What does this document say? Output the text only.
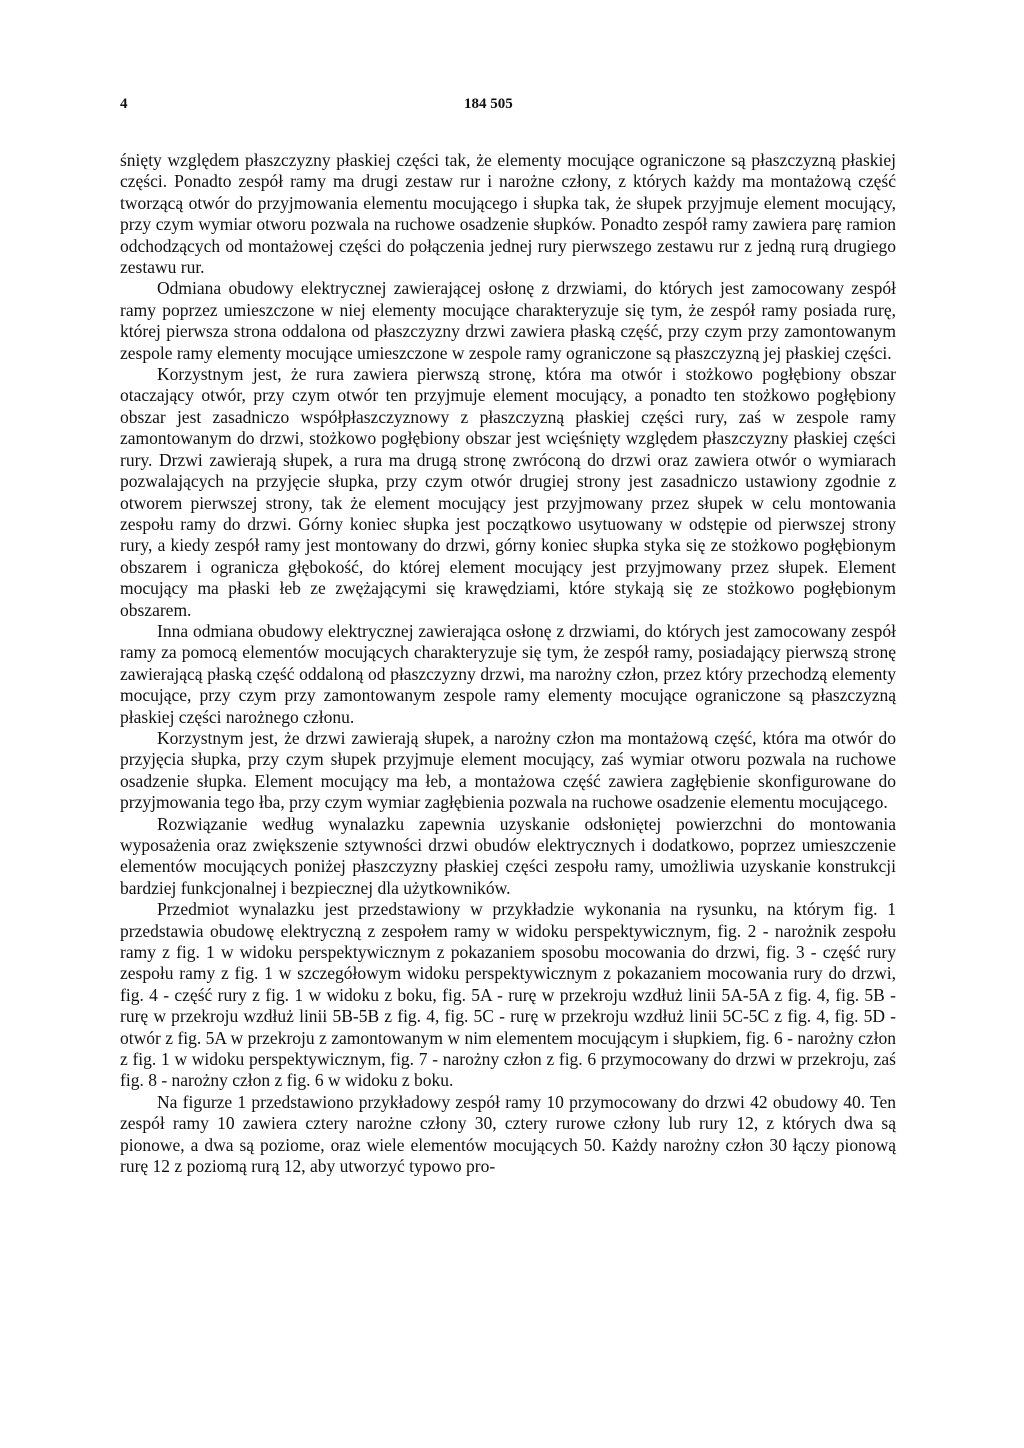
4	184 505

śnięty względem płaszczyzny płaskiej części tak, że elementy mocujące ograniczone są płaszczyzną płaskiej części. Ponadto zespół ramy ma drugi zestaw rur i narożne człony, z których każdy ma montażową część tworzącą otwór do przyjmowania elementu mocującego i słupka tak, że słupek przyjmuje element mocujący, przy czym wymiar otworu pozwala na ruchowe osadzenie słupków. Ponadto zespół ramy zawiera parę ramion odchodzących od montażowej części do połączenia jednej rury pierwszego zestawu rur z jedną rurą drugiego zestawu rur.

Odmiana obudowy elektrycznej zawierającej osłonę z drzwiami, do których jest zamocowany zespół ramy poprzez umieszczone w niej elementy mocujące charakteryzuje się tym, że zespół ramy posiada rurę, której pierwsza strona oddalona od płaszczyzny drzwi zawiera płaską część, przy czym przy zamontowanym zespole ramy elementy mocujące umieszczone w zespole ramy ograniczone są płaszczyzną jej płaskiej części.

Korzystnym jest, że rura zawiera pierwszą stronę, która ma otwór i stożkowo pogłębiony obszar otaczający otwór, przy czym otwór ten przyjmuje element mocujący, a ponadto ten stożkowo pogłębiony obszar jest zasadniczo współpłaszczyznowy z płaszczyzną płaskiej części rury, zaś w zespole ramy zamontowanym do drzwi, stożkowo pogłębiony obszar jest wcięśnięty względem płaszczyzny płaskiej części rury. Drzwi zawierają słupek, a rura ma drugą stronę zwróconą do drzwi oraz zawiera otwór o wymiarach pozwalających na przyjęcie słupka, przy czym otwór drugiej strony jest zasadniczo ustawiony zgodnie z otworem pierwszej strony, tak że element mocujący jest przyjmowany przez słupek w celu montowania zespołu ramy do drzwi. Górny koniec słupka jest początkowo usytuowany w odstępie od pierwszej strony rury, a kiedy zespół ramy jest montowany do drzwi, górny koniec słupka styka się ze stożkowo pogłębionym obszarem i ogranicza głębokość, do której element mocujący jest przyjmowany przez słupek. Element mocujący ma płaski łeb ze zwężającymi się krawędziami, które stykają się ze stożkowo pogłębionym obszarem.

Inna odmiana obudowy elektrycznej zawierająca osłonę z drzwiami, do których jest zamocowany zespół ramy za pomocą elementów mocujących charakteryzuje się tym, że zespół ramy, posiadający pierwszą stronę zawierającą płaską część oddaloną od płaszczyzny drzwi, ma narożny człon, przez który przechodzą elementy mocujące, przy czym przy zamontowanym zespole ramy elementy mocujące ograniczone są płaszczyzną płaskiej części narożnego członu.

Korzystnym jest, że drzwi zawierają słupek, a narożny człon ma montażową część, która ma otwór do przyjęcia słupka, przy czym słupek przyjmuje element mocujący, zaś wymiar otworu pozwala na ruchowe osadzenie słupka. Element mocujący ma łeb, a montażowa część zawiera zagłębienie skonfigurowane do przyjmowania tego łba, przy czym wymiar zagłębienia pozwala na ruchowe osadzenie elementu mocującego.

Rozwiązanie według wynalazku zapewnia uzyskanie odsłoniętej powierzchni do montowania wyposażenia oraz zwiększenie sztywności drzwi obudów elektrycznych i dodatkowo, poprzez umieszczenie elementów mocujących poniżej płaszczyzny płaskiej części zespołu ramy, umożliwia uzyskanie konstrukcji bardziej funkcjonalnej i bezpiecznej dla użytkowników.

Przedmiot wynalazku jest przedstawiony w przykładzie wykonania na rysunku, na którym fig. 1 przedstawia obudowę elektryczną z zespołem ramy w widoku perspektywicznym, fig. 2 - narożnik zespołu ramy z fig. 1 w widoku perspektywicznym z pokazaniem sposobu mocowania do drzwi, fig. 3 - część rury zespołu ramy z fig. 1 w szczegółowym widoku perspektywicznym z pokazaniem mocowania rury do drzwi, fig. 4 - część rury z fig. 1 w widoku z boku, fig. 5A - rurę w przekroju wzdłuż linii 5A-5A z fig. 4, fig. 5B - rurę w przekroju wzdłuż linii 5B-5B z fig. 4, fig. 5C - rurę w przekroju wzdłuż linii 5C-5C z fig. 4, fig. 5D - otwór z fig. 5A w przekroju z zamontowanym w nim elementem mocującym i słupkiem, fig. 6 - narożny człon z fig. 1 w widoku perspektywicznym, fig. 7 - narożny człon z fig. 6 przymocowany do drzwi w przekroju, zaś fig. 8 - narożny człon z fig. 6 w widoku z boku.

Na figurze 1 przedstawiono przykładowy zespół ramy 10 przymocowany do drzwi 42 obudowy 40. Ten zespół ramy 10 zawiera cztery narożne człony 30, cztery rurowe człony lub rury 12, z których dwa są pionowe, a dwa są poziome, oraz wiele elementów mocujących 50. Każdy narożny człon 30 łączy pionową rurę 12 z poziomą rurą 12, aby utworzyć typowo pro-
